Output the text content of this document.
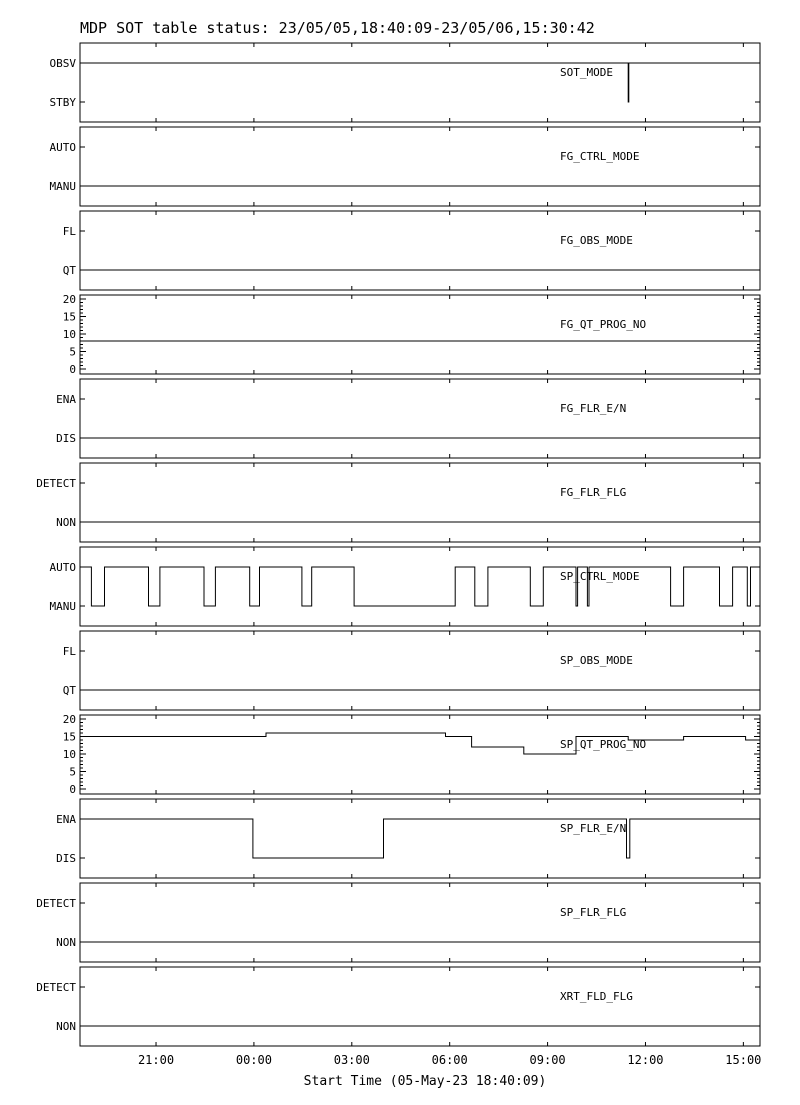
MDP SOT table status: 23/05/05,18:40:09-23/05/06,15:30:42
OBSV
STBY
SOT_MODE
AUTO
MANU
FG_CTRL_MODE
FL
QT
FG_OBS_MODE
0
5
10
15
20
FG_QT_PROG_NO
ENA
DIS
FG_FLR_E/N
DETECT
NON
FG_FLR_FLG
AUTO
MANU
SP_CTRL_MODE
FL
QT
SP_OBS_MODE
0
5
10
15
20
SP_QT_PROG_NO
ENA
DIS
SP_FLR_E/N
DETECT
NON
SP_FLR_FLG
DETECT
NON
XRT_FLD_FLG
21:00	00:00	03:00	06:00	09:00	12:00	15:00
Start Time (05-May-23 18:40:09)
